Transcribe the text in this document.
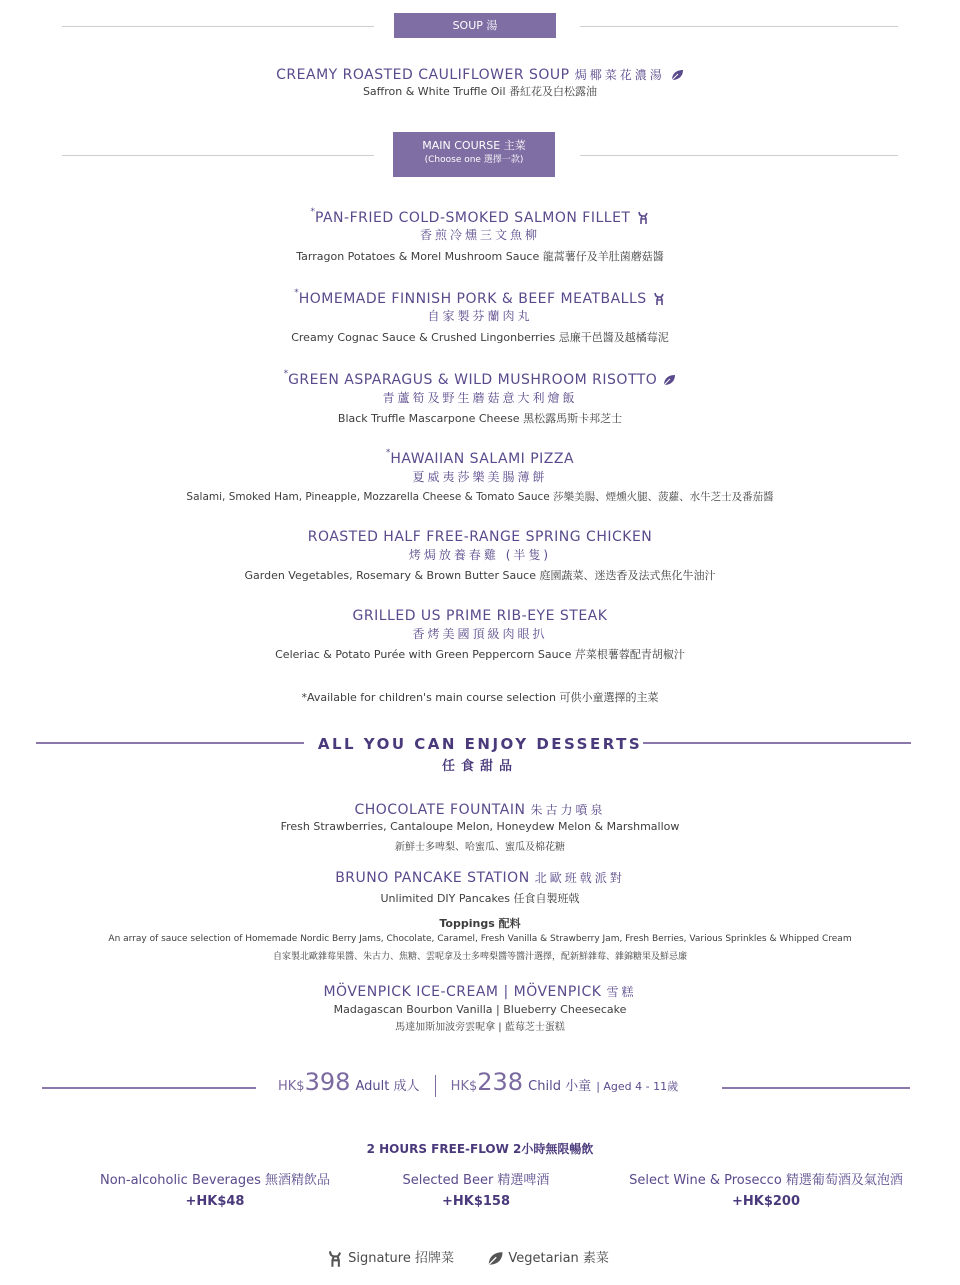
SOUP 湯
CREAMY ROASTED CAULIFLOWER SOUP 焗椰菜花濃湯
Saffron & White Truffle Oil 番紅花及白松露油
MAIN COURSE 主菜
(Choose one 選擇一款)
*PAN-FRIED COLD-SMOKED SALMON FILLET
香煎冷燻三文魚柳
Tarragon Potatoes & Morel Mushroom Sauce 龍蒿薯仔及羊肚菌蘑菇醬
*HOMEMADE FINNISH PORK & BEEF MEATBALLS
自家製芬蘭肉丸
Creamy Cognac Sauce & Crushed Lingonberries 忌廉干邑醬及越橘莓泥
*GREEN ASPARAGUS & WILD MUSHROOM RISOTTO
青蘆筍及野生蘑菇意大利燴飯
Black Truffle Mascarpone Cheese 黑松露馬斯卡邦芝士
*HAWAIIAN SALAMI PIZZA
夏威夷莎樂美腸薄餅
Salami, Smoked Ham, Pineapple, Mozzarella Cheese & Tomato Sauce 莎樂美腸、煙燻火腿、菠蘿、水牛芝士及番茄醬
ROASTED HALF FREE-RANGE SPRING CHICKEN
烤焗放養春雞 (半隻)
Garden Vegetables, Rosemary & Brown Butter Sauce 庭園蔬菜、迷迭香及法式焦化牛油汁
GRILLED US PRIME RIB-EYE STEAK
香烤美國頂級肉眼扒
Celeriac & Potato Purée with Green Peppercorn Sauce 芹菜根薯蓉配青胡椒汁
*Available for children's main course selection 可供小童選擇的主菜
ALL YOU CAN ENJOY DESSERTS
任食甜品
CHOCOLATE FOUNTAIN 朱古力噴泉
Fresh Strawberries, Cantaloupe Melon, Honeydew Melon & Marshmallow
新鮮士多啤梨、哈蜜瓜、蜜瓜及棉花糖
BRUNO PANCAKE STATION 北歐班戟派對
Unlimited DIY Pancakes 任食自製班戟
Toppings 配料
An array of sauce selection of Homemade Nordic Berry Jams, Chocolate, Caramel, Fresh Vanilla & Strawberry Jam, Fresh Berries, Various Sprinkles & Whipped Cream
自家製北歐雜莓果醬、朱古力、焦糖、雲呢拿及士多啤梨醬等醬汁選擇，配新鮮雜莓、雜錦糖果及鮮忌廉
MÖVENPICK ICE-CREAM | MÖVENPICK 雪糕
Madagascan Bourbon Vanilla | Blueberry Cheesecake
馬達加斯加波旁雲呢拿 | 藍莓芝士蛋糕
HK$398 Adult 成人 HK$238 Child 小童 | Aged 4 - 11歲
2 HOURS FREE-FLOW 2小時無限暢飲
Non-alcoholic Beverages 無酒精飲品
+HK$48
Selected Beer 精選啤酒
+HK$158
Select Wine & Prosecco 精選葡萄酒及氣泡酒
+HK$200
Signature 招牌菜	Vegetarian 素菜
